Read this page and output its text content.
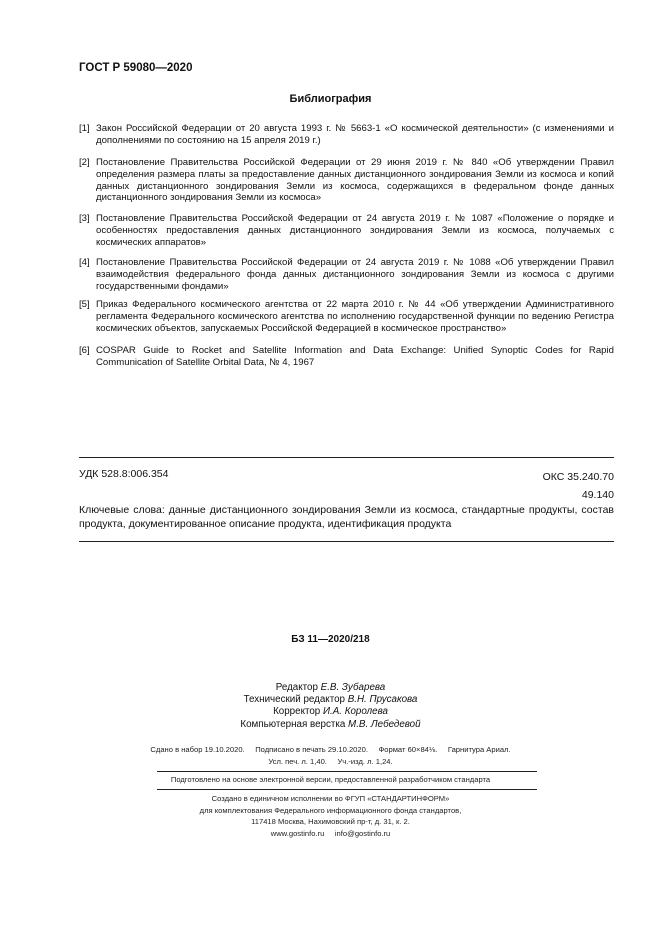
ГОСТ Р 59080—2020
Библиография
[1] Закон Российской Федерации от 20 августа 1993 г. № 5663-1 «О космической деятельности» (с изменениями и дополнениями по состоянию на 15 апреля 2019 г.)
[2] Постановление Правительства Российской Федерации от 29 июня 2019 г. № 840 «Об утверждении Правил определения размера платы за предоставление данных дистанционного зондирования Земли из космоса и копий данных дистанционного зондирования Земли из космоса, содержащихся в федеральном фонде данных дистанционного зондирования Земли из космоса»
[3] Постановление Правительства Российской Федерации от 24 августа 2019 г. № 1087 «Положение о порядке и особенностях предоставления данных дистанционного зондирования Земли из космоса, получаемых с космических аппаратов»
[4] Постановление Правительства Российской Федерации от 24 августа 2019 г. № 1088 «Об утверждении Правил взаимодействия федерального фонда данных дистанционного зондирования Земли из космоса с другими государственными фондами»
[5] Приказ Федерального космического агентства от 22 марта 2010 г. № 44 «Об утверждении Административного регламента Федерального космического агентства по исполнению государственной функции по ведению Регистра космических объектов, запускаемых Российской Федерацией в космическое пространство»
[6] COSPAR Guide to Rocket and Satellite Information and Data Exchange: Unified Synoptic Codes for Rapid Communication of Satellite Orbital Data, № 4, 1967
УДК 528.8:006.354	ОКС 35.240.70
49.140
Ключевые слова: данные дистанционного зондирования Земли из космоса, стандартные продукты, состав продукта, документированное описание продукта, идентификация продукта
БЗ 11—2020/218
Редактор Е.В. Зубарева
Технический редактор В.Н. Прусакова
Корректор И.А. Королева
Компьютерная верстка М.В. Лебедевой
Сдано в набор 19.10.2020.     Подписано в печать 29.10.2020.     Формат 60×84⅛.     Гарнитура Ариал.
Усл. печ. л. 1,40.     Уч.-изд. л. 1,24.
Подготовлено на основе электронной версии, предоставленной разработчиком стандарта
Создано в единичном исполнении во ФГУП «СТАНДАРТИНФОРМ»
для комплектования Федерального информационного фонда стандартов,
117418 Москва, Нахимовский пр-т, д. 31, к. 2.
www.gostinfo.ru     info@gostinfo.ru
